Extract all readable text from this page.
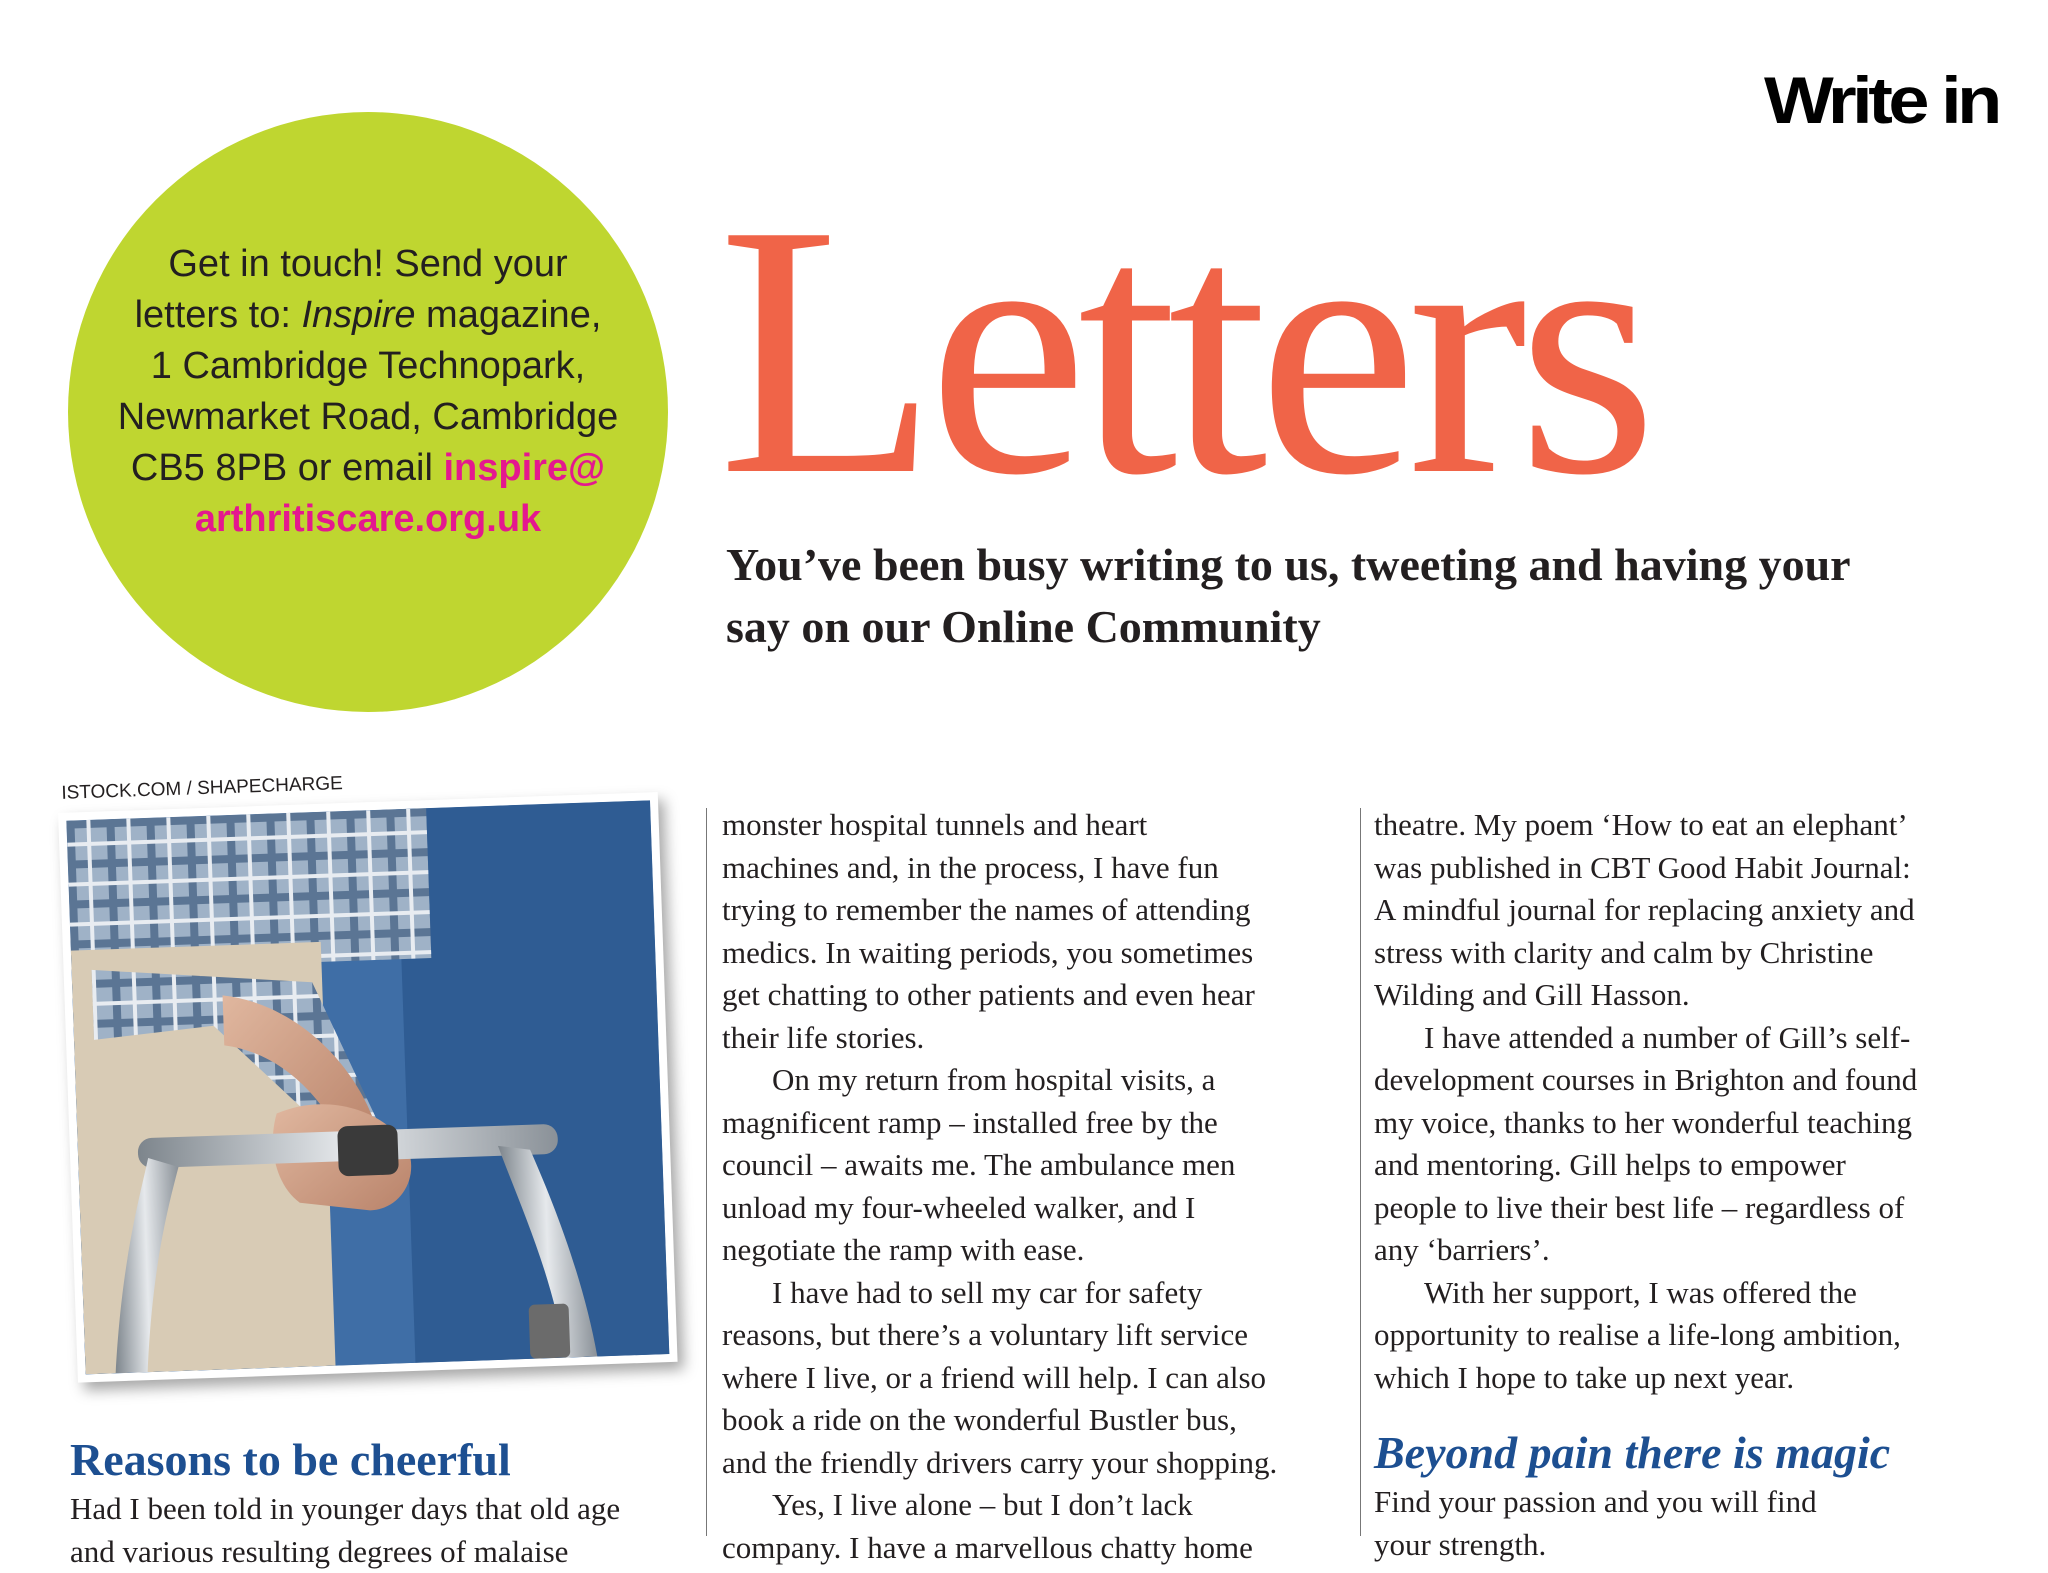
Write in
Get in touch! Send your
letters to: Inspire magazine,
1 Cambridge Technopark,
Newmarket Road, Cambridge
CB5 8PB or email inspire@
arthritiscare.org.uk Letters
You’ve been busy writing to us, tweeting and having your
say on our Online Community
ISTOCK.COM / SHAPECHARGE
Reasons to be cheerful

Had I been told in younger days that old age
and various resulting degrees of malaise

monster hospital tunnels and heart
machines and, in the process, I have fun
trying to remember the names of attending
medics. In waiting periods, you sometimes
get chatting to other patients and even hear
their life stories.

On my return from hospital visits, a
magnificent ramp – installed free by the
council – awaits me. The ambulance men
unload my four-wheeled walker, and I
negotiate the ramp with ease.

I have had to sell my car for safety
reasons, but there’s a voluntary lift service
where I live, or a friend will help. I can also
book a ride on the wonderful Bustler bus,
and the friendly drivers carry your shopping.

Yes, I live alone – but I don’t lack
company. I have a marvellous chatty home

theatre. My poem ‘How to eat an elephant’
was published in CBT Good Habit Journal:
A mindful journal for replacing anxiety and
stress with clarity and calm by Christine
Wilding and Gill Hasson.

I have attended a number of Gill’s self-
development courses in Brighton and found
my voice, thanks to her wonderful teaching
and mentoring. Gill helps to empower
people to live their best life – regardless of
any ‘barriers’.

With her support, I was offered the
opportunity to realise a life-long ambition,
which I hope to take up next year.

Beyond pain there is magic

Find your passion and you will find
your strength.
